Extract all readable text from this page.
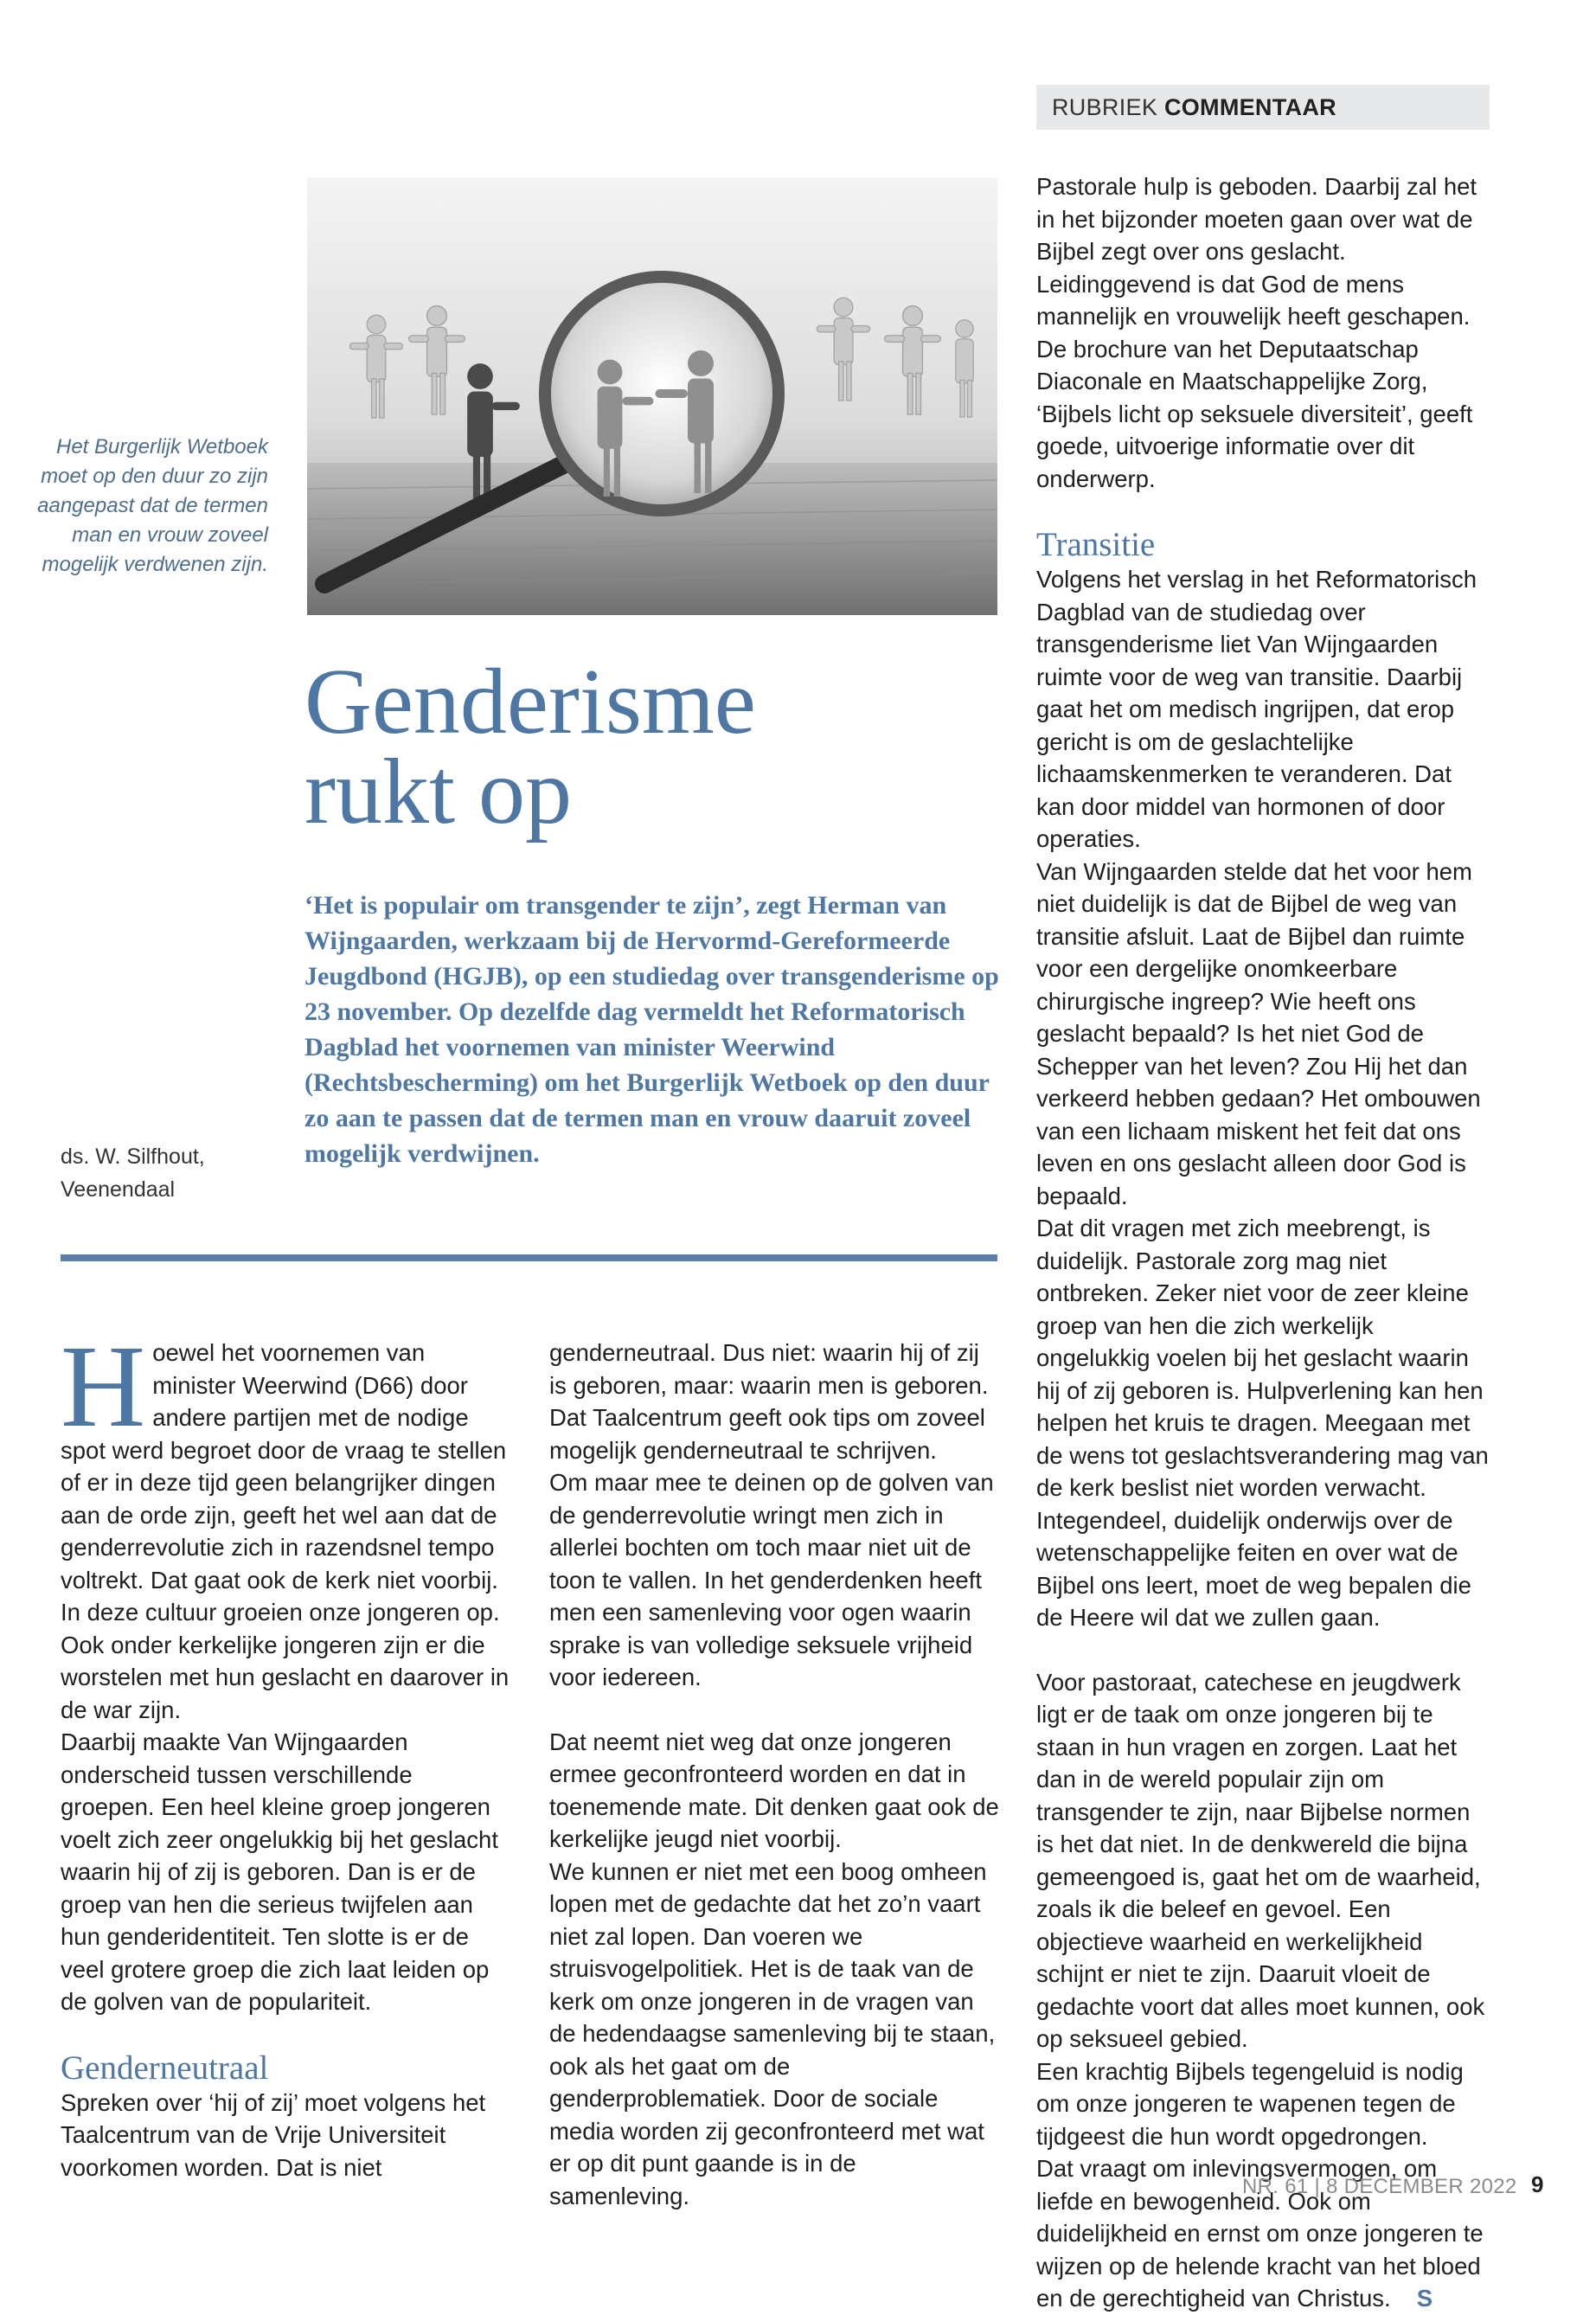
RUBRIEK COMMENTAAR
Het Burgerlijk Wetboek moet op den duur zo zijn aangepast dat de termen man en vrouw zoveel mogelijk verdwenen zijn.
Genderisme
rukt op
‘Het is populair om transgender te zijn’, zegt Herman van Wijngaarden, werkzaam bij de Hervormd-Gereformeerde Jeugdbond (HGJB), op een studiedag over transgenderisme op 23 november. Op dezelfde dag vermeldt het Reformatorisch Dagblad het voornemen van minister Weerwind (Rechtsbescherming) om het Burgerlijk Wetboek op den duur zo aan te passen dat de termen man en vrouw daaruit zoveel mogelijk verdwijnen.
ds. W. Silfhout,
Veenendaal

Hoewel het voornemen van minister Weerwind (D66) door andere partijen met de nodige spot werd begroet door de vraag te stellen of er in deze tijd geen belangrijker dingen aan de orde zijn, geeft het wel aan dat de genderrevolutie zich in razendsnel tempo voltrekt. Dat gaat ook de kerk niet voorbij. In deze cultuur groeien onze jongeren op. Ook onder kerkelijke jongeren zijn er die worstelen met hun geslacht en daarover in de war zijn.

Daarbij maakte Van Wijngaarden onderscheid tussen verschillende groepen. Een heel kleine groep jongeren voelt zich zeer ongelukkig bij het geslacht waarin hij of zij is geboren. Dan is er de groep van hen die serieus twijfelen aan hun genderidentiteit. Ten slotte is er de veel grotere groep die zich laat leiden op de golven van de populariteit.

Genderneutraal

Spreken over ‘hij of zij’ moet volgens het Taalcentrum van de Vrije Universiteit voorkomen worden. Dat is niet

genderneutraal. Dus niet: waarin hij of zij is geboren, maar: waarin men is geboren. Dat Taalcentrum geeft ook tips om zoveel mogelijk genderneutraal te schrijven.

Om maar mee te deinen op de golven van de genderrevolutie wringt men zich in allerlei bochten om toch maar niet uit de toon te vallen. In het genderdenken heeft men een samenleving voor ogen waarin sprake is van volledige seksuele vrijheid voor iedereen.

Dat neemt niet weg dat onze jongeren ermee geconfronteerd worden en dat in toenemende mate. Dit denken gaat ook de kerkelijke jeugd niet voorbij.

We kunnen er niet met een boog omheen lopen met de gedachte dat het zo’n vaart niet zal lopen. Dan voeren we struisvogelpolitiek. Het is de taak van de kerk om onze jongeren in de vragen van de hedendaagse samenleving bij te staan, ook als het gaat om de genderproblematiek. Door de sociale media worden zij geconfronteerd met wat er op dit punt gaande is in de samenleving.

Pastorale hulp is geboden. Daarbij zal het in het bijzonder moeten gaan over wat de Bijbel zegt over ons geslacht. Leidinggevend is dat God de mens mannelijk en vrouwelijk heeft geschapen. De brochure van het Deputaatschap Diaconale en Maatschappelijke Zorg, ‘Bijbels licht op seksuele diversiteit’, geeft goede, uitvoerige informatie over dit onderwerp.

Transitie

Volgens het verslag in het Reformatorisch Dagblad van de studiedag over transgenderisme liet Van Wijngaarden ruimte voor de weg van transitie. Daarbij gaat het om medisch ingrijpen, dat erop gericht is om de geslachtelijke lichaamskenmerken te veranderen. Dat kan door middel van hormonen of door operaties.

Van Wijngaarden stelde dat het voor hem niet duidelijk is dat de Bijbel de weg van transitie afsluit. Laat de Bijbel dan ruimte voor een dergelijke onomkeerbare chirurgische ingreep? Wie heeft ons geslacht bepaald? Is het niet God de Schepper van het leven? Zou Hij het dan verkeerd hebben gedaan? Het ombouwen van een lichaam miskent het feit dat ons leven en ons geslacht alleen door God is bepaald.

Dat dit vragen met zich meebrengt, is duidelijk. Pastorale zorg mag niet ontbreken. Zeker niet voor de zeer kleine groep van hen die zich werkelijk ongelukkig voelen bij het geslacht waarin hij of zij geboren is. Hulpverlening kan hen helpen het kruis te dragen. Meegaan met de wens tot geslachtsverandering mag van de kerk beslist niet worden verwacht. Integendeel, duidelijk onderwijs over de wetenschappelijke feiten en over wat de Bijbel ons leert, moet de weg bepalen die de Heere wil dat we zullen gaan.

Voor pastoraat, catechese en jeugdwerk ligt er de taak om onze jongeren bij te staan in hun vragen en zorgen. Laat het dan in de wereld populair zijn om transgender te zijn, naar Bijbelse normen is het dat niet. In de denkwereld die bijna gemeengoed is, gaat het om de waarheid, zoals ik die beleef en gevoel. Een objectieve waarheid en werkelijkheid schijnt er niet te zijn. Daaruit vloeit de gedachte voort dat alles moet kunnen, ook op seksueel gebied.

Een krachtig Bijbels tegengeluid is nodig om onze jongeren te wapenen tegen de tijdgeest die hun wordt opgedrongen.

Dat vraagt om inlevingsvermogen, om liefde en bewogenheid. Ook om duidelijkheid en ernst om onze jongeren te wijzen op de helende kracht van het bloed en de gerechtigheid van Christus. S

NR. 61 | 8 DECEMBER 2022 9
